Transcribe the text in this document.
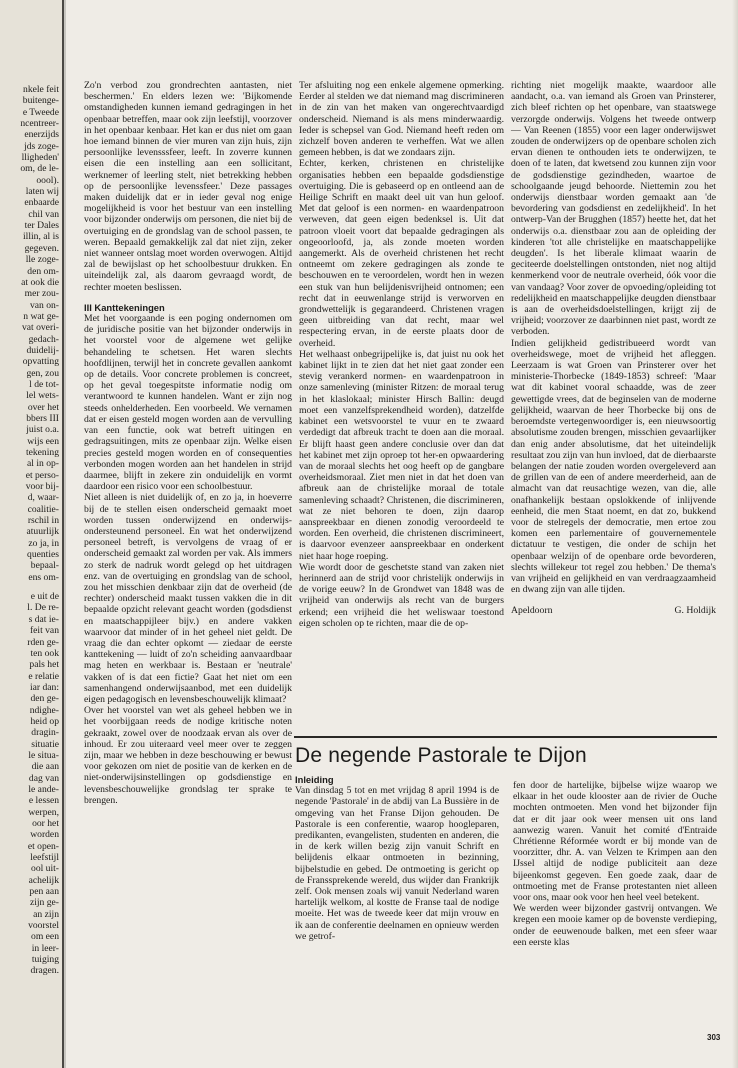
nkele feit
buitenge-
e Tweede
ncentreer-
enerzijds
jds zoge-
lligheden'
om, de le-
oool).
laten wij
enbaarde
chil van
ter Dales
illin, al is
gegeven.
lle zoge-
den om-
at ook die
mer zou-
van on-
n wat ge-
vat overi-
gedach-
duidelij-
opvatting
gen, zou
l de tot-
lel wets-
over het
bbers III
juist o.a.
wijs een
tekening
al in op-
et perso-
voor bij-
d, waar-
coalitie-
rschil in
atuurlijk
zo ja, in
quenties
bepaal-
ens om-
e uit de
l. De re-
s dat ie-
feit van
rden ge-
ten ook
pals het
e relatie
iar dan:
den ge-
ndighe-
heid op
dragin-
situatie
le situa-
die aan
dag van
le ande-
e lessen
werpen,
oor het
worden
et open-
leefstijl
ool uit-
achelijk
pen aan
zijn ge-
an zijn
voorstel
om een
in leer-
tuiging
dragen.

Zo'n verbod zou grondrechten aantasten, niet beschermen.' En elders lezen we: 'Bijkomende omstandigheden kunnen iemand gedragingen in het openbaar betreffen, maar ook zijn leefstijl, voorzover in het openbaar kenbaar. Het kan er dus niet om gaan hoe iemand binnen de vier muren van zijn huis, zijn persoonlijke levensssfeer, leeft. In zoverre kunnen eisen die een instelling aan een sollicitant, werknemer of leerling stelt, niet betrekking hebben op de persoonlijke levenssfeer.' Deze passages maken duidelijk dat er in ieder geval nog enige mogelijkheid is voor het bestuur van een instelling voor bijzonder onderwijs om personen, die niet bij de overtuiging en de grondslag van de school passen, te weren. Bepaald gemakkelijk zal dat niet zijn, zeker niet wanneer ontslag moet worden overwogen. Altijd zal de bewijslast op het schoolbestuur drukken. En uiteindelijk zal, als daarom gevraagd wordt, de rechter moeten beslissen.

III Kanttekeningen

Met het voorgaande is een poging ondernomen om de juridische positie van het bijzonder onderwijs in het voorstel voor de algemene wet gelijke behandeling te schetsen. Het waren slechts hoofdlijnen, terwijl het in concrete gevallen aankomt op de details. Voor concrete problemen is concreet, op het geval toegespitste informatie nodig om verantwoord te kunnen handelen. Want er zijn nog steeds onhelderheden. Een voorbeeld. We vernamen dat er eisen gesteld mogen worden aan de vervulling van een functie, ook wat betreft uitingen en gedragsuitingen, mits ze openbaar zijn. Welke eisen precies gesteld mogen worden en of consequenties verbonden mogen worden aan het handelen in strijd daarmee, blijft in zekere zin onduidelijk en vormt daardoor een risico voor een schoolbestuur.

Niet alleen is niet duidelijk of, en zo ja, in hoeverre bij de te stellen eisen onderscheid gemaakt moet worden tussen onderwijzend en onderwijs-ondersteunend personeel. En wat het onderwijzend personeel betreft, is vervolgens de vraag of er onderscheid gemaakt zal worden per vak. Als immers zo sterk de nadruk wordt gelegd op het uitdragen enz. van de overtuiging en grondslag van de school, zou het misschien denkbaar zijn dat de overheid (de rechter) onderscheid maakt tussen vakken die in dit bepaalde opzicht relevant geacht worden (godsdienst en maatschappijleer bijv.) en andere vakken waarvoor dat minder of in het geheel niet geldt. De vraag die dan echter opkomt — ziedaar de eerste kanttekening — luidt of zo'n scheiding aanvaardbaar mag heten en werkbaar is. Bestaan er 'neutrale' vakken of is dat een fictie? Gaat het niet om een samenhangend onderwijsaanbod, met een duidelijk eigen pedagogisch en levensbeschouwelijk klimaat?

Over het voorstel van wet als geheel hebben we in het voorbijgaan reeds de nodige kritische noten gekraakt, zowel over de noodzaak ervan als over de inhoud. Er zou uiteraard veel meer over te zeggen zijn, maar we hebben in deze beschouwing er bewust voor gekozen om niet de positie van de kerken en de niet-onderwijsinstellingen op godsdienstige en levensbeschouwelijke grondslag ter sprake te brengen.

Ter afsluiting nog een enkele algemene opmerking. Eerder al stelden we dat niemand mag discrimineren in de zin van het maken van ongerechtvaardigd onderscheid. Niemand is als mens minderwaardig. Ieder is schepsel van God. Niemand heeft reden om zichzelf boven anderen te verheffen. Wat we allen gemeen hebben, is dat we zondaars zijn.

Echter, kerken, christenen en christelijke organisaties hebben een bepaalde godsdienstige overtuiging. Die is gebaseerd op en ontleend aan de Heilige Schrift en maakt deel uit van hun geloof. Met dat geloof is een normen- en waardenpatroon verweven, dat geen eigen bedenksel is. Uit dat patroon vloeit voort dat bepaalde gedragingen als ongeoorloofd, ja, als zonde moeten worden aangemerkt. Als de overheid christenen het recht ontneemt om zekere gedragingen als zonde te beschouwen en te veroordelen, wordt hen in wezen een stuk van hun belijdenisvrijheid ontnomen; een recht dat in eeuwenlange strijd is verworven en grondwettelijk is gegarandeerd. Christenen vragen geen uitbreiding van dat recht, maar wel respectering ervan, in de eerste plaats door de overheid.

Het welhaast onbegrijpelijke is, dat juist nu ook het kabinet lijkt in te zien dat het niet gaat zonder een stevig verankerd normen- en waardenpatroon in onze samenleving (minister Ritzen: de moraal terug in het klaslokaal; minister Hirsch Ballin: deugd moet een vanzelfsprekendheid worden), datzelfde kabinet een wetsvoorstel te vuur en te zwaard verdedigt dat afbreuk tracht te doen aan die moraal. Er blijft haast geen andere conclusie over dan dat het kabinet met zijn oproep tot her-en opwaardering van de moraal slechts het oog heeft op de gangbare overheidsmoraal. Ziet men niet in dat het doen van afbreuk aan de christelijke moraal de totale samenleving schaadt? Christenen, die discrimineren, wat ze niet behoren te doen, zijn daarop aanspreekbaar en dienen zonodig veroordeeld te worden. Een overheid, die christenen discrimineert, is daarvoor evenzeer aanspreekbaar en onderkent niet haar hoge roeping.

Wie wordt door de geschetste stand van zaken niet herinnerd aan de strijd voor christelijk onderwijs in de vorige eeuw? In de Grondwet van 1848 was de vrijheid van onderwijs als recht van de burgers erkend; een vrijheid die het weliswaar toestond eigen scholen op te richten, maar die de op-

richting niet mogelijk maakte, waardoor alle aandacht, o.a. van iemand als Groen van Prinsterer, zich bleef richten op het openbare, van staatswege verzorgde onderwijs. Volgens het tweede ontwerp — Van Reenen (1855) voor een lager onderwijswet zouden de onderwijzers op de openbare scholen zich ervan dienen te onthouden iets te onderwijzen, te doen of te laten, dat kwetsend zou kunnen zijn voor de godsdienstige gezindheden, waartoe de schoolgaande jeugd behoorde. Niettemin zou het onderwijs dienstbaar worden gemaakt aan 'de bevordering van godsdienst en zedelijkheid'. In het ontwerp-Van der Brugghen (1857) heette het, dat het onderwijs o.a. dienstbaar zou aan de opleiding der kinderen 'tot alle christelijke en maatschappelijke deugden'. Is het liberale klimaat waarin de geciteerde doelstellingen ontstonden, niet nog altijd kenmerkend voor de neutrale overheid, óók voor die van vandaag? Voor zover de opvoeding/opleiding tot redelijkheid en maatschappelijke deugden dienstbaar is aan de overheidsdoelstellingen, krijgt zij de vrijheid; voorzover ze daarbinnen niet past, wordt ze verboden.

Indien gelijkheid gedistribueerd wordt van overheidswege, moet de vrijheid het afleggen. Leerzaam is wat Groen van Prinsterer over het ministerie-Thorbecke (1849-1853) schreef: 'Maar wat dit kabinet vooral schaadde, was de zeer gewettigde vrees, dat de beginselen van de moderne gelijkheid, waarvan de heer Thorbecke bij ons de beroemdste vertegenwoordiger is, een nieuwsoortig absolutisme zouden brengen, misschien gevaarlijker dan enig ander absolutisme, dat het uiteindelijk resultaat zou zijn van hun invloed, dat de dierbaarste belangen der natie zouden worden overgeleverd aan de grillen van de een of andere meerderheid, aan de almacht van dat reusachtige wezen, van die, alle onafhankelijk bestaan opslokkende of inlijvende eenheid, die men Staat noemt, en dat zo, bukkend voor de stelregels der democratie, men ertoe zou komen een parlementaire of gouvernementele dictatuur te vestigen, die onder de schijn het openbaar welzijn of de openbare orde bevorderen, slechts willekeur tot regel zou hebben.' De thema's van vrijheid en gelijkheid en van verdraagzaamheid en dwang zijn van alle tijden.

Apeldoorn	G. Holdijk
De negende Pastorale te Dijon
Inleiding

Van dinsdag 5 tot en met vrijdag 8 april 1994 is de negende 'Pastorale' in de abdij van La Bussière in de omgeving van het Franse Dijon gehouden. De Pastorale is een conferentie, waarop hooglераren, predikanten, evangelisten, studenten en anderen, die in de kerk willen bezig zijn vanuit Schrift en belijdenis elkaar ontmoeten in bezinning, bijbelstudie en gebed. De ontmoeting is gericht op de Franssprekende wereld, dus wijder dan Frankrijk zelf. Ook mensen zoals wij vanuit Nederland waren hartelijk welkom, al kostte de Franse taal de nodige moeite. Het was de tweede keer dat mijn vrouw en ik aan de conferentie deelnamen en opnieuw werden we getrof-

fen door de hartelijke, bijbelse wijze waarop we elkaar in het oude klooster aan de rivier de Ouche mochten ontmoeten. Men vond het bijzonder fijn dat er dit jaar ook weer mensen uit ons land aanwezig waren. Vanuit het comité d'Entraide Chrétienne Réformée wordt er bij monde van de voorzitter, dhr. A. van Velzen te Krimpen aan den IJssel altijd de nodige publiciteit aan deze bijeenkomst gegeven. Een goede zaak, daar de ontmoeting met de Franse protestanten niet alleen voor ons, maar ook voor hen heel veel betekent.

We werden weer bijzonder gastvrij ontvangen. We kregen een mooie kamer op de bovenste verdieping, onder de eeuwenoude balken, met een sfeer waar een eerste klas

303
